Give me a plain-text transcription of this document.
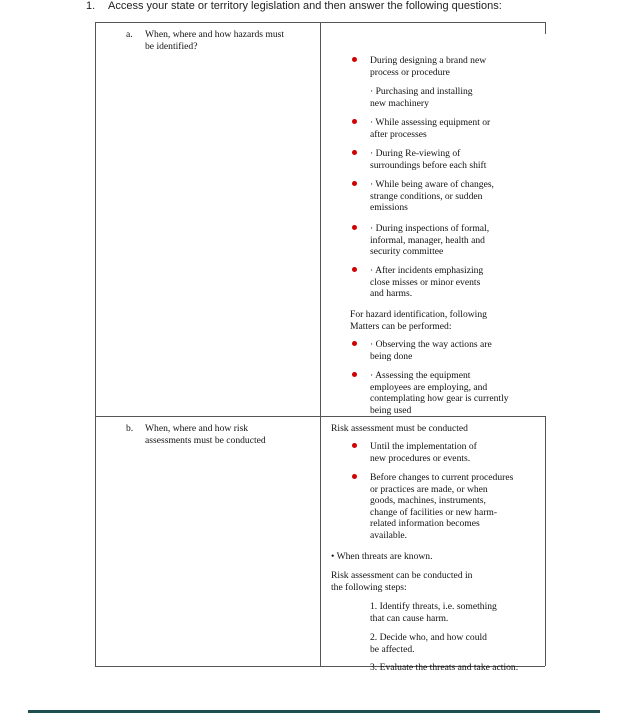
1. Access your state or territory legislation and then answer the following questions:
a. When, where and how hazards must
be identified?
During designing a brand new
process or procedure
· Purchasing and installing
new machinery
· While assessing equipment or
after processes
· During Re-viewing of
surroundings before each shift
· While being aware of changes,
strange conditions, or sudden
emissions
· During inspections of formal,
informal, manager, health and
security committee
· After incidents emphasizing
close misses or minor events
and harms.
For hazard identification, following
Matters can be performed:
· Observing the way actions are
being done
· Assessing the equipment
employees are employing, and
contemplating how gear is currently
being used
b. When, where and how risk
assessments must be conducted
Risk assessment must be conducted
Until the implementation of
new procedures or events.
Before changes to current procedures
or practices are made, or when
goods, machines, instruments,
change of facilities or new harm-
related information becomes
available.
• When threats are known.
Risk assessment can be conducted in
the following steps:
1. Identify threats, i.e. something
that can cause harm.
2. Decide who, and how could
be affected.
3. Evaluate the threats and take action.
